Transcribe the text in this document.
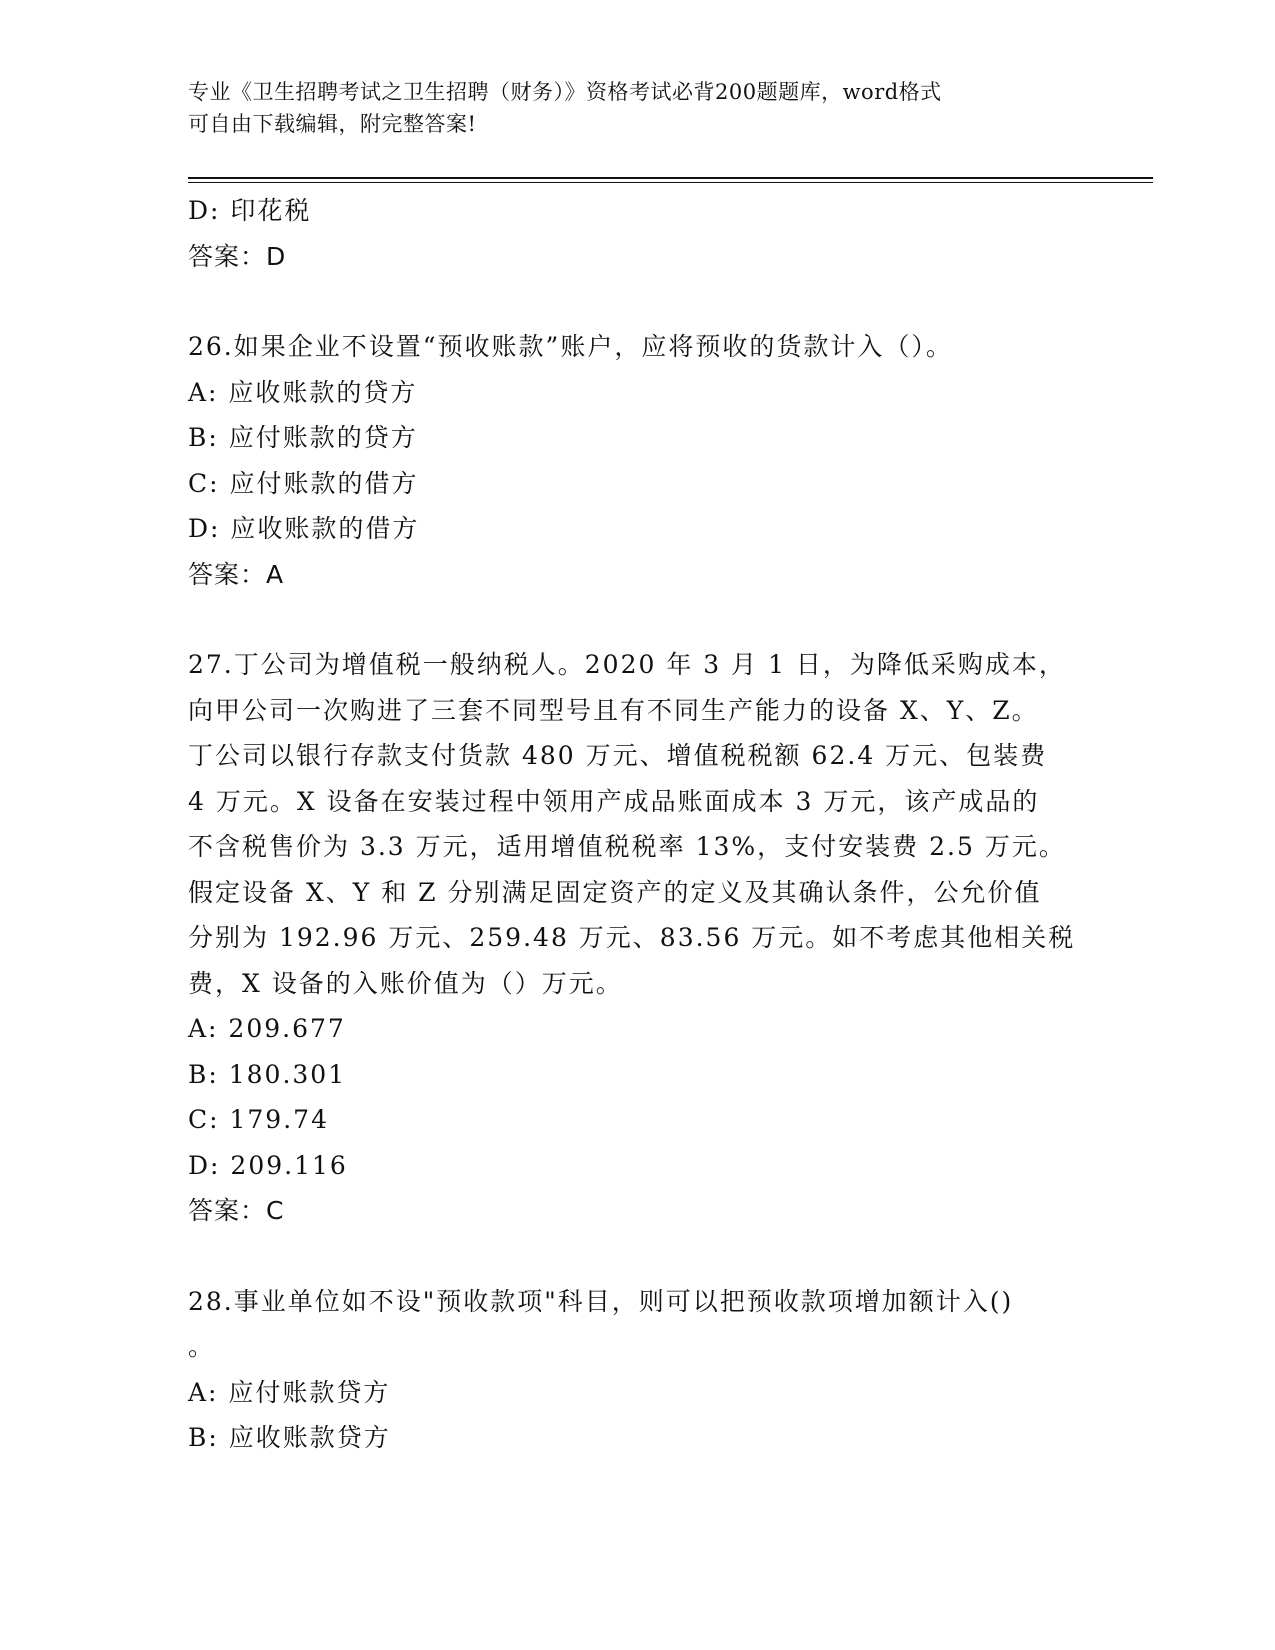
专业《卫生招聘考试之卫生招聘（财务）》资格考试必背200题题库，word格式
可自由下载编辑，附完整答案!
D: 印花税
答案：D
26.如果企业不设置“预收账款”账户，应将预收的货款计入（）。
A: 应收账款的贷方
B: 应付账款的贷方
C: 应付账款的借方
D: 应收账款的借方
答案：A
27.丁公司为增值税一般纳税人。2020 年 3 月 1 日，为降低采购成本，
向甲公司一次购进了三套不同型号且有不同生产能力的设备 X、Y、Z。
丁公司以银行存款支付货款 480 万元、增值税税额 62.4 万元、包装费
4 万元。X 设备在安装过程中领用产成品账面成本 3 万元，该产成品的
不含税售价为 3.3 万元，适用增值税税率 13%，支付安装费 2.5 万元。
假定设备 X、Y 和 Z 分别满足固定资产的定义及其确认条件，公允价值
分别为 192.96 万元、259.48 万元、83.56 万元。如不考虑其他相关税
费，X 设备的入账价值为（）万元。
A: 209.677
B: 180.301
C: 179.74
D: 209.116
答案：C
28.事业单位如不设"预收款项"科目，则可以把预收款项增加额计入()
。
A: 应付账款贷方
B: 应收账款贷方
